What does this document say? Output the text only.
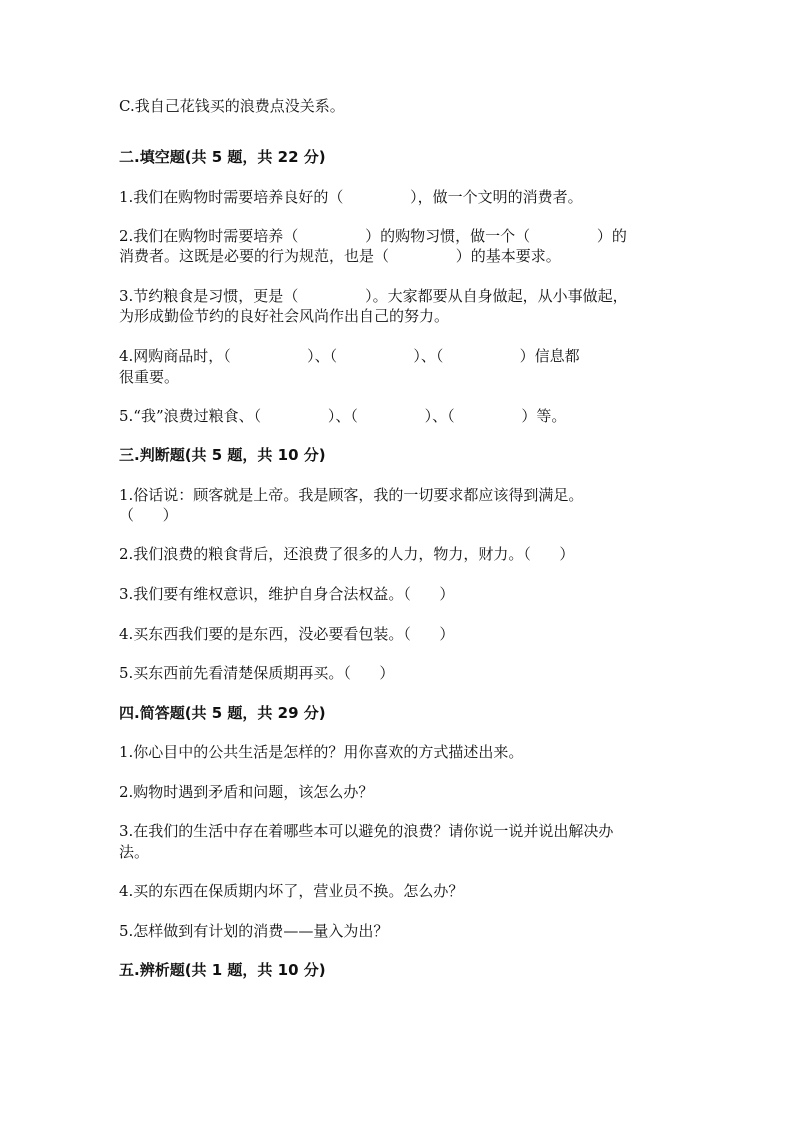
C.我自己花钱买的浪费点没关系。
二.填空题(共 5 题，共 22 分)
1.我们在购物时需要培养良好的（              ），做一个文明的消费者。
2.我们在购物时需要培养（              ）的购物习惯，做一个（              ）的
消费者。这既是必要的行为规范，也是（              ）的基本要求。
3.节约粮食是习惯，更是（              ）。大家都要从自身做起，从小事做起，
为形成勤俭节约的良好社会风尚作出自己的努力。
4.网购商品时，（                ）、（                ）、（                ）信息都
很重要。
5.“我”浪费过粮食、（              ）、（              ）、（              ）等。
三.判断题(共 5 题，共 10 分)
1.俗话说：顾客就是上帝。我是顾客，我的一切要求都应该得到满足。
（      ）
2.我们浪费的粮食背后，还浪费了很多的人力，物力，财力。（      ）
3.我们要有维权意识，维护自身合法权益。（      ）
4.买东西我们要的是东西，没必要看包装。（      ）
5.买东西前先看清楚保质期再买。（      ）
四.简答题(共 5 题，共 29 分)
1.你心目中的公共生活是怎样的？用你喜欢的方式描述出来。
2.购物时遇到矛盾和问题，该怎么办？
3.在我们的生活中存在着哪些本可以避免的浪费？请你说一说并说出解决办
法。
4.买的东西在保质期内坏了，营业员不换。怎么办？
5.怎样做到有计划的消费——量入为出？
五.辨析题(共 1 题，共 10 分)
